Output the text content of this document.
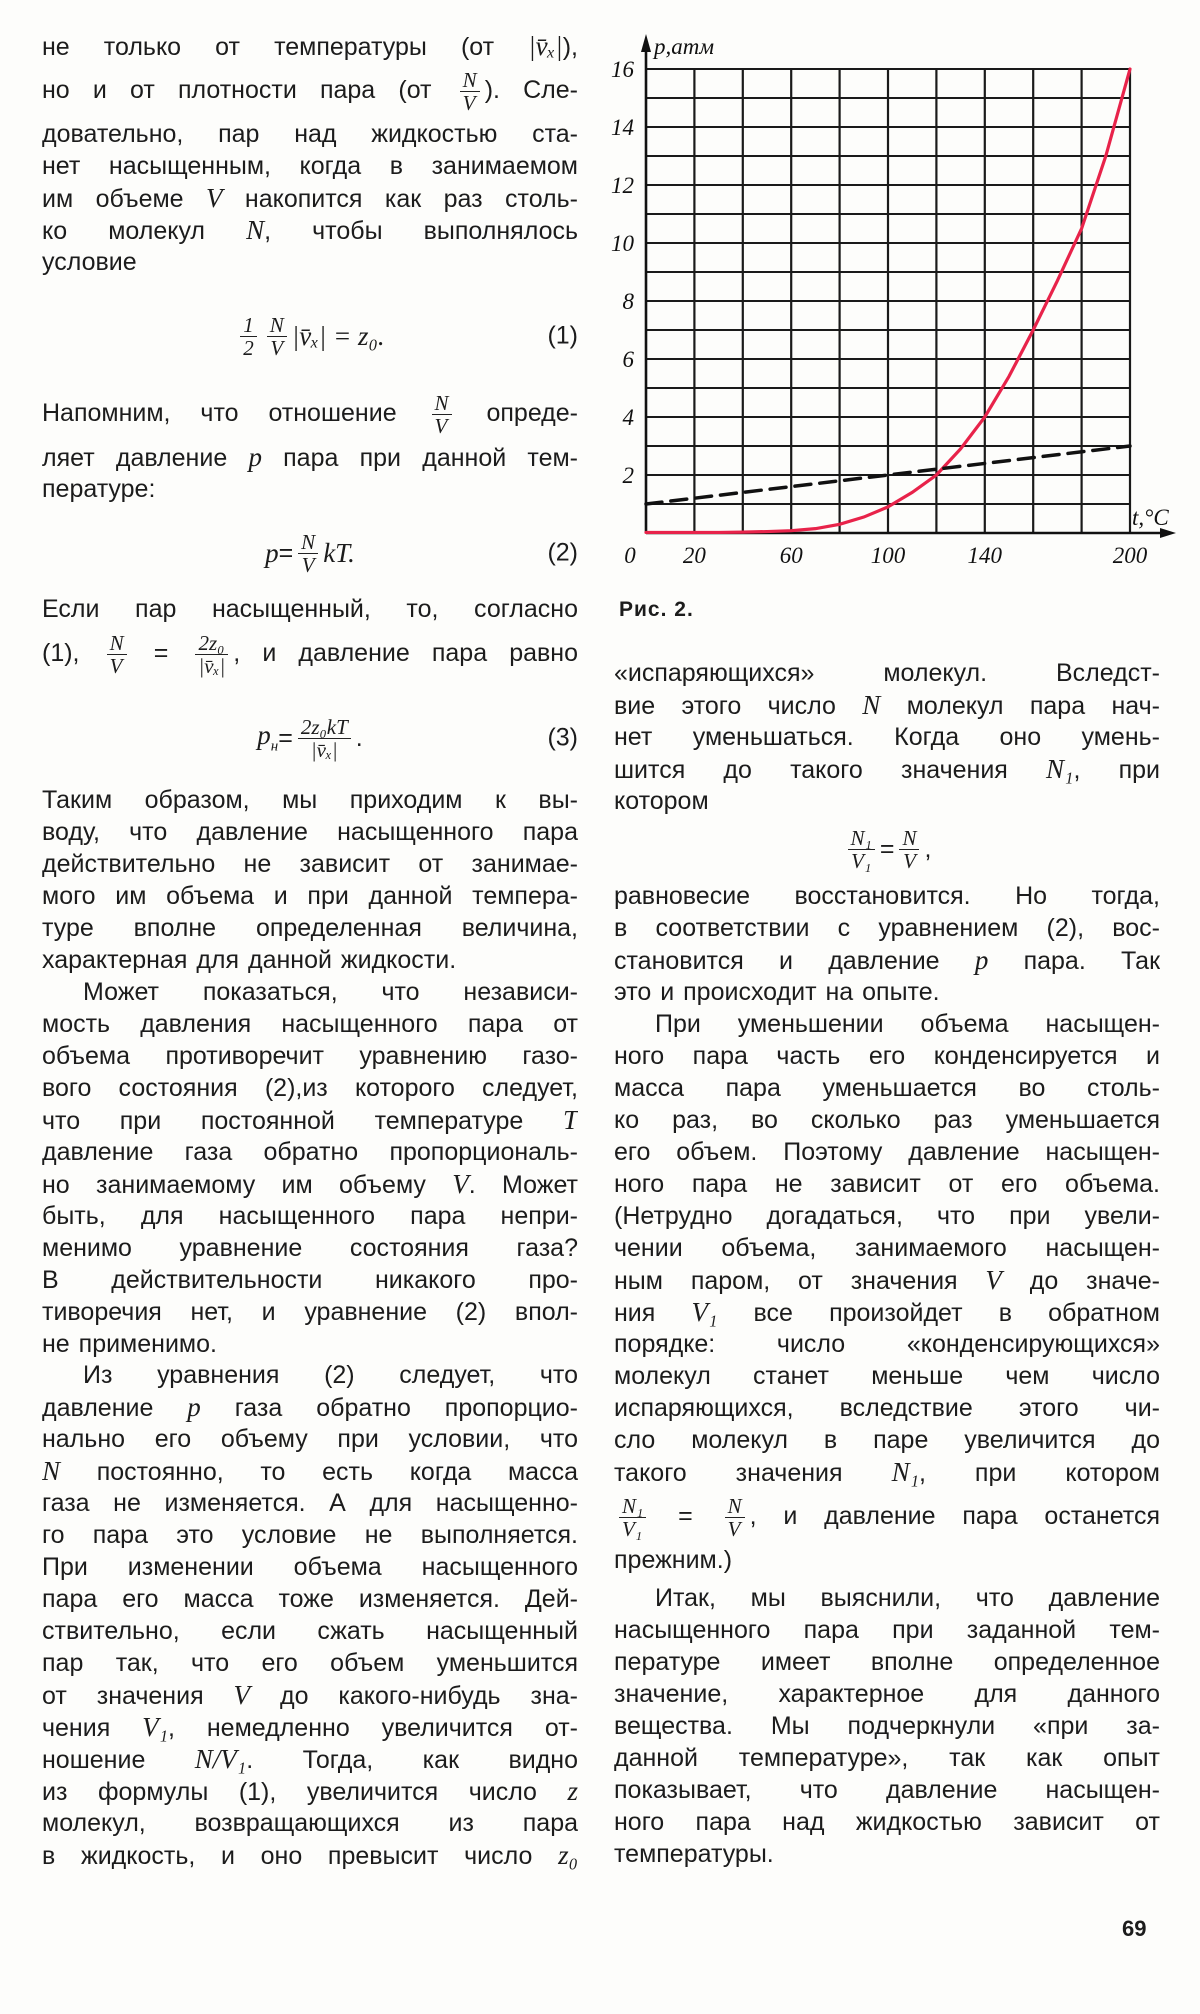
не только от температуры (от |v̄ₓ|),
но и от плотности пара ($от \frac{N}{V}$ ). Сле-
довательно, пар над жидкостью ста-
нет насыщенным, когда в занимаемом
им объеме V накопится как раз столь-
ко молекул N, чтобы выполнялось
условие
$\frac{1}{2} \frac{N}{V}$ |v̄ₓ| = z₀.	(1)
Напомним, что отношение $\frac{N}{V}$ опреде-
ляет давление p пара при данной тем-
пературе:
$p = \frac{N}{V}$ kT.	(2)
Если пар насыщенный, то, согласно
(1), $\frac{N}{V} = \frac{\text{2z₀}}{\text{|v̄ₓ|}}$ , и давление пара равно
$p_н = \frac{\text{2z₀kT}}{\text{|v̄ₓ|}}$ .	(3)
Таким образом, мы приходим к вы-
воду, что давление насыщенного пара
действительно не зависит от занимае-
мого им объема и при данной темпера-
туре вполне определенная величина,
характерная для данной жидкости.
Может показаться, что независи-
мость давления насыщенного пара от
объема противоречит уравнению газо-
вого состояния (2),из которого следует,
что при постоянной температуре T
давление газа обратно пропорциональ-
но занимаемому им объему V. Может
быть, для насыщенного пара непри-
менимо уравнение состояния газа?
В действительности никакого про-
тиворечия нет, и уравнение (2) впол-
не применимо.
Из уравнения (2) следует, что
давление p газа обратно пропорцио-
нально его объему при условии, что
N постоянно, то есть когда масса
газа не изменяется. А для насыщенно-
го пара это условие не выполняется.
При изменении объема насыщенного
пара его масса тоже изменяется. Дей-
ствительно, если сжать насыщенный
пар так, что его объем уменьшится
от значения V до какого-нибудь зна-
чения V₁, немедленно увеличится от-
ношение N/V₁. Тогда, как видно
из формулы (1), увеличится число z
молекул, возвращающихся из пара
в жидкость, и оно превысит число z₀
2
4
6
8
10
12
14
16
0 20	60	100	140	200
p,атм
t,°C
Рис. 2.
«испаряющихся» молекул. Вследст-
вие этого число N молекул пара нач-
нет уменьшаться. Когда оно умень-
шится до такого значения N₁, при
котором
$\frac{\text{N₁}}{\text{V₁}} = \frac{N}{V}$ ,
равновесие восстановится. Но тогда,
в соответствии с уравнением (2), вос-
становится и давление p пара. Так
это и происходит на опыте.
При уменьшении объема насыщен-
ного пара часть его конденсируется и
масса пара уменьшается во столь-
ко раз, во сколько раз уменьшается
его объем. Поэтому давление насыщен-
ного пара не зависит от его объема.
(Нетрудно догадаться, что при увели-
чении объема, занимаемого насыщен-
ным паром, от значения V до значе-
ния V₁ все произойдет в обратном
порядке: число «конденсирующихся»
молекул станет меньше чем число
испаряющихся, вследствие этого чи-
сло молекул в паре увеличится до
такого значения N₁, при котором
$\frac{\text{N₁}}{\text{V₁}} = \frac{N}{V}$ , и давление пара останется
прежним.)
Итак, мы выяснили, что давление
насыщенного пара при заданной тем-
пературе имеет вполне определенное
значение, характерное для данного
вещества. Мы подчеркнули «при за-
данной температуре», так как опыт
показывает, что давление насыщен-
ного пара над жидкостью зависит от
температуры.
69
